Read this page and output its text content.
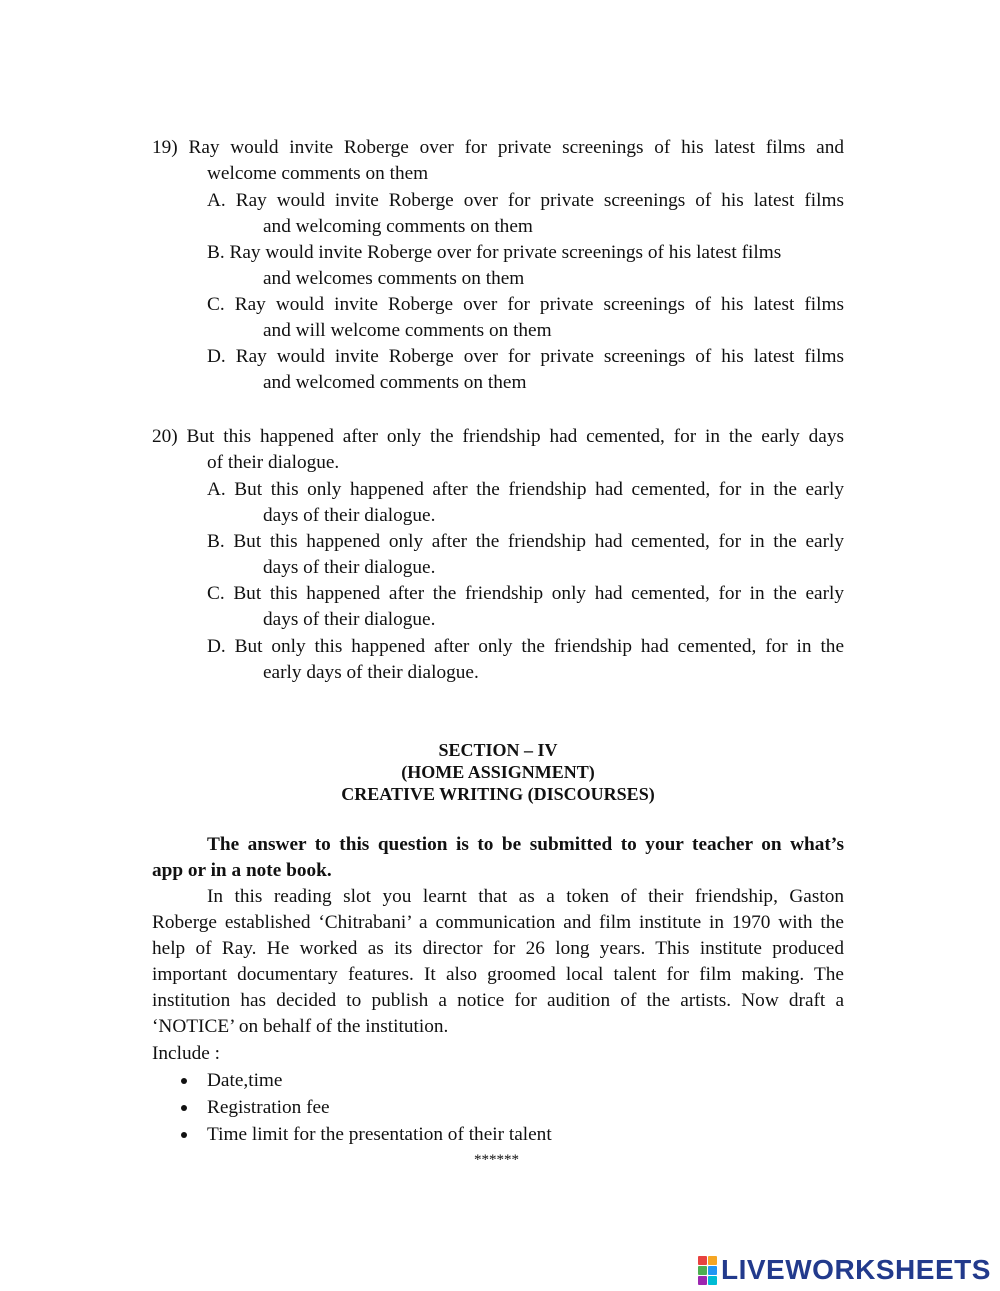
19) Ray would invite Roberge over for private screenings of his latest films and
welcome comments on them
A. Ray would invite Roberge over for private screenings of his latest films
and welcoming comments on them
B. Ray would invite Roberge over for private screenings of his latest films
and welcomes comments on them
C. Ray would invite Roberge over for private screenings of his latest films
and will welcome comments on them
D. Ray would invite Roberge over for private screenings of his latest films
and welcomed comments on them
20) But this happened after only the friendship had cemented, for in the early days
of their dialogue.
A. But this only happened after the friendship had cemented, for in the early
days of their dialogue.
B. But this happened only after the friendship had cemented, for in the early
days of their dialogue.
C. But this happened after the friendship only had cemented, for in the early
days of their dialogue.
D. But only this happened after only the friendship had cemented, for in the
early days of their dialogue.
SECTION – IV
(HOME ASSIGNMENT)
CREATIVE WRITING (DISCOURSES)
The answer to this question is to be submitted to your teacher on what’s
app or in a note book.
In this reading slot you learnt that as a token of their friendship, Gaston
Roberge established ‘Chitrabani’ a communication and film institute in 1970 with the
help of Ray. He worked as its director for 26 long years. This institute produced
important documentary features. It also groomed local talent for film making. The
institution has decided to publish a notice for audition of the artists. Now draft a
‘NOTICE’ on behalf of the institution.
Include :
Date,time
Registration fee
Time limit for the presentation of their talent
******
LIVEWORKSHEETS
